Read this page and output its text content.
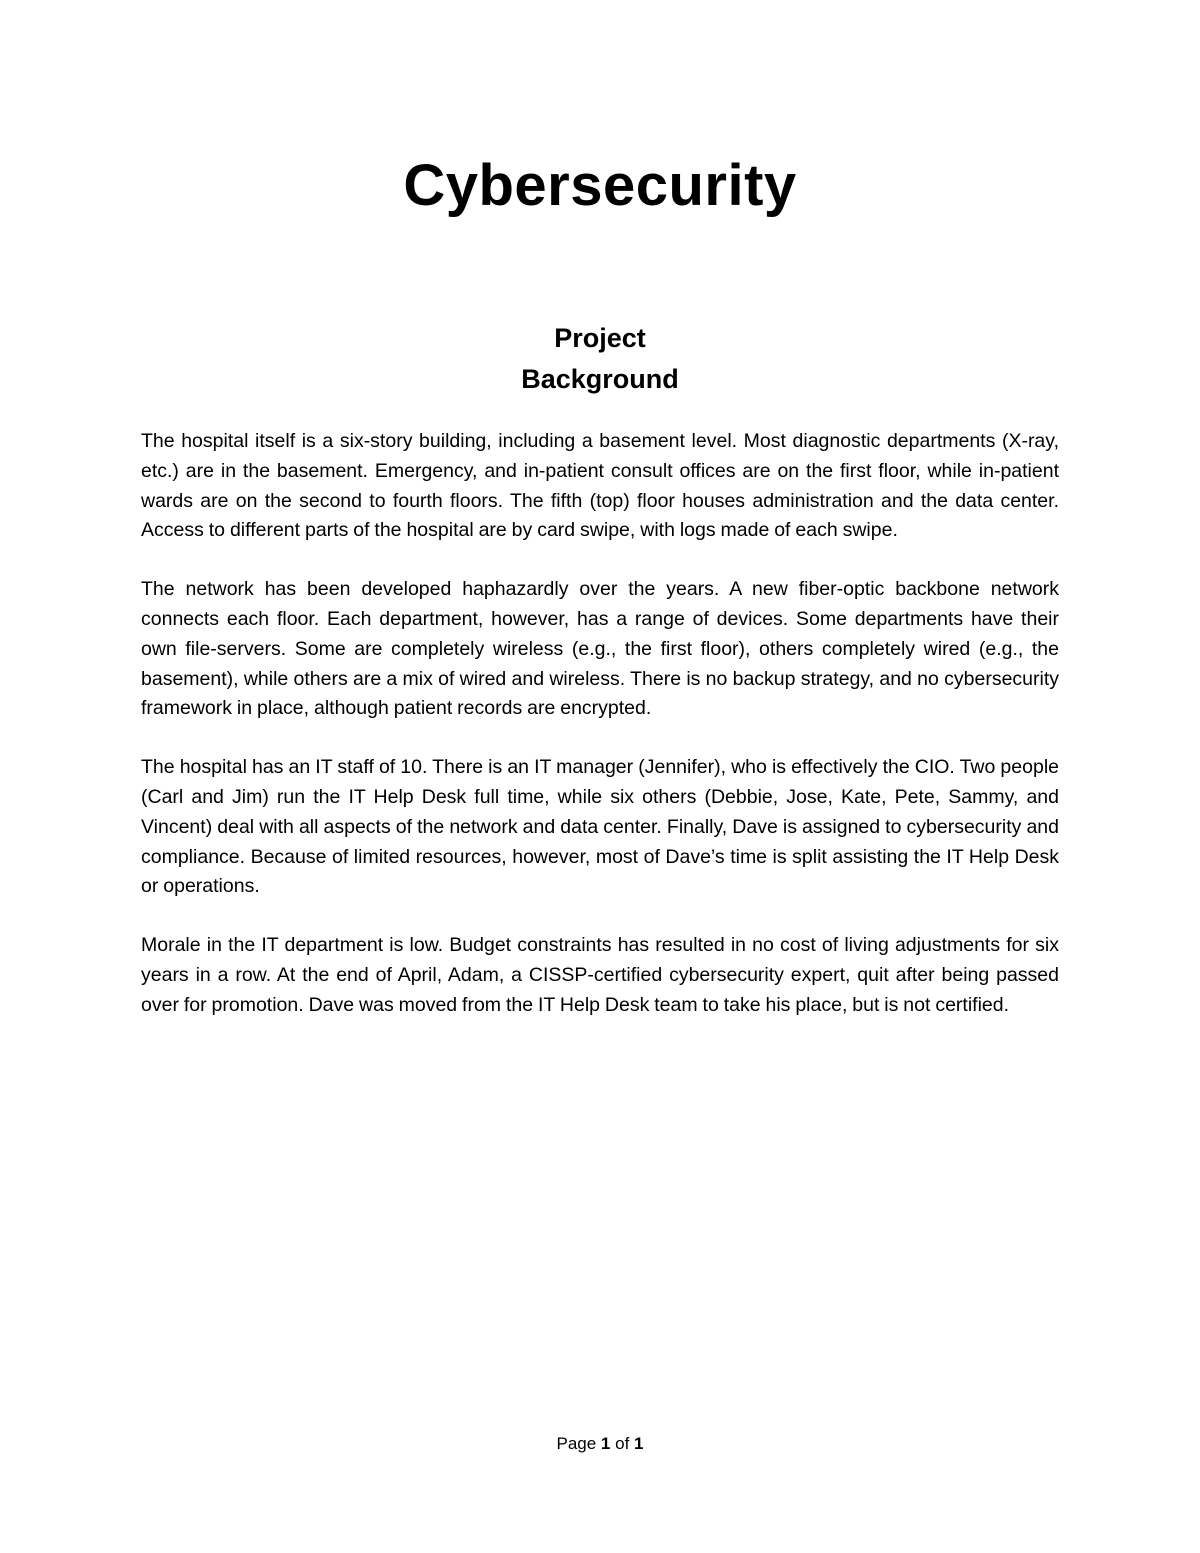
Cybersecurity
Project
Background

The hospital itself is a six-story building, including a basement level. Most diagnostic departments (X-ray, etc.) are in the basement. Emergency, and in-patient consult offices are on the first floor, while in-patient wards are on the second to fourth floors. The fifth (top) floor houses administration and the data center. Access to different parts of the hospital are by card swipe, with logs made of each swipe.

The network has been developed haphazardly over the years. A new fiber-optic backbone network connects each floor. Each department, however, has a range of devices. Some departments have their own file-servers. Some are completely wireless (e.g., the first floor), others completely wired (e.g., the basement), while others are a mix of wired and wireless. There is no backup strategy, and no cybersecurity framework in place, although patient records are encrypted.

The hospital has an IT staff of 10. There is an IT manager (Jennifer), who is effectively the CIO. Two people (Carl and Jim) run the IT Help Desk full time, while six others (Debbie, Jose, Kate, Pete, Sammy, and Vincent) deal with all aspects of the network and data center. Finally, Dave is assigned to cybersecurity and compliance. Because of limited resources, however, most of Dave’s time is split assisting the IT Help Desk or operations.

Morale in the IT department is low. Budget constraints has resulted in no cost of living adjustments for six years in a row. At the end of April, Adam, a CISSP-certified cybersecurity expert, quit after being passed over for promotion. Dave was moved from the IT Help Desk team to take his place, but is not certified.

Page 1 of 1
